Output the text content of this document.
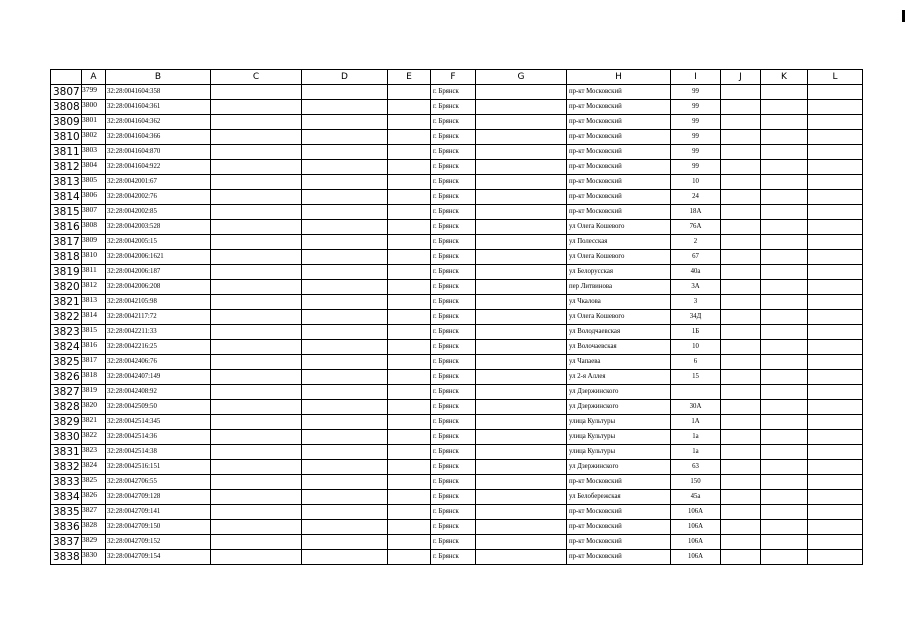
	A	B	C	D	E	F	G	H	I	J	K	L
3807	3799	32:28:0041604:358				г. Брянск		пр-кт Московский	99			
3808	3800	32:28:0041604:361				г. Брянск		пр-кт Московский	99			
3809	3801	32:28:0041604:362				г. Брянск		пр-кт Московский	99			
3810	3802	32:28:0041604:366				г. Брянск		пр-кт Московский	99			
3811	3803	32:28:0041604:870				г. Брянск		пр-кт Московский	99			
3812	3804	32:28:0041604:922				г. Брянск		пр-кт Московский	99			
3813	3805	32:28:0042001:67				г. Брянск		пр-кт Московский	10			
3814	3806	32:28:0042002:76				г. Брянск		пр-кт Московский	24			
3815	3807	32:28:0042002:85				г. Брянск		пр-кт Московский	18А			
3816	3808	32:28:0042003:528				г. Брянск		ул Олега Кошевого	76А			
3817	3809	32:28:0042005:15				г. Брянск		ул Полесская	2			
3818	3810	32:28:0042006:1621				г. Брянск		ул Олега Кошевого	67			
3819	3811	32:28:0042006:187				г. Брянск		ул Белорусская	40а			
3820	3812	32:28:0042006:208				г. Брянск		пер Литвинова	3А			
3821	3813	32:28:0042105:98				г. Брянск		ул Чкалова	3			
3822	3814	32:28:0042117:72				г. Брянск		ул Олега Кошевого	34Д			
3823	3815	32:28:0042211:33				г. Брянск		ул Володчаевская	1Б			
3824	3816	32:28:0042216:25				г. Брянск		ул Волочаевская	10			
3825	3817	32:28:0042406:76				г. Брянск		ул Чапаева	6			
3826	3818	32:28:0042407:149				г. Брянск		ул 2-я Аллея	15			
3827	3819	32:28:0042408:92				г. Брянск		ул Дзержинского				
3828	3820	32:28:0042509:50				г. Брянск		ул Дзержинского	30А			
3829	3821	32:28:0042514:345				г. Брянск		улица Культуры	1А			
3830	3822	32:28:0042514:36				г. Брянск		улица Культуры	1а			
3831	3823	32:28:0042514:38				г. Брянск		улица Культуры	1а			
3832	3824	32:28:0042516:151				г. Брянск		ул Дзержинского	63			
3833	3825	32:28:0042706:55				г. Брянск		пр-кт Московский	150			
3834	3826	32:28:0042709:128				г. Брянск		ул Белобережская	45а			
3835	3827	32:28:0042709:141				г. Брянск		пр-кт Московский	106А			
3836	3828	32:28:0042709:150				г. Брянск		пр-кт Московский	106А			
3837	3829	32:28:0042709:152				г. Брянск		пр-кт Московский	106А			
3838	3830	32:28:0042709:154				г. Брянск		пр-кт Московский	106А			
